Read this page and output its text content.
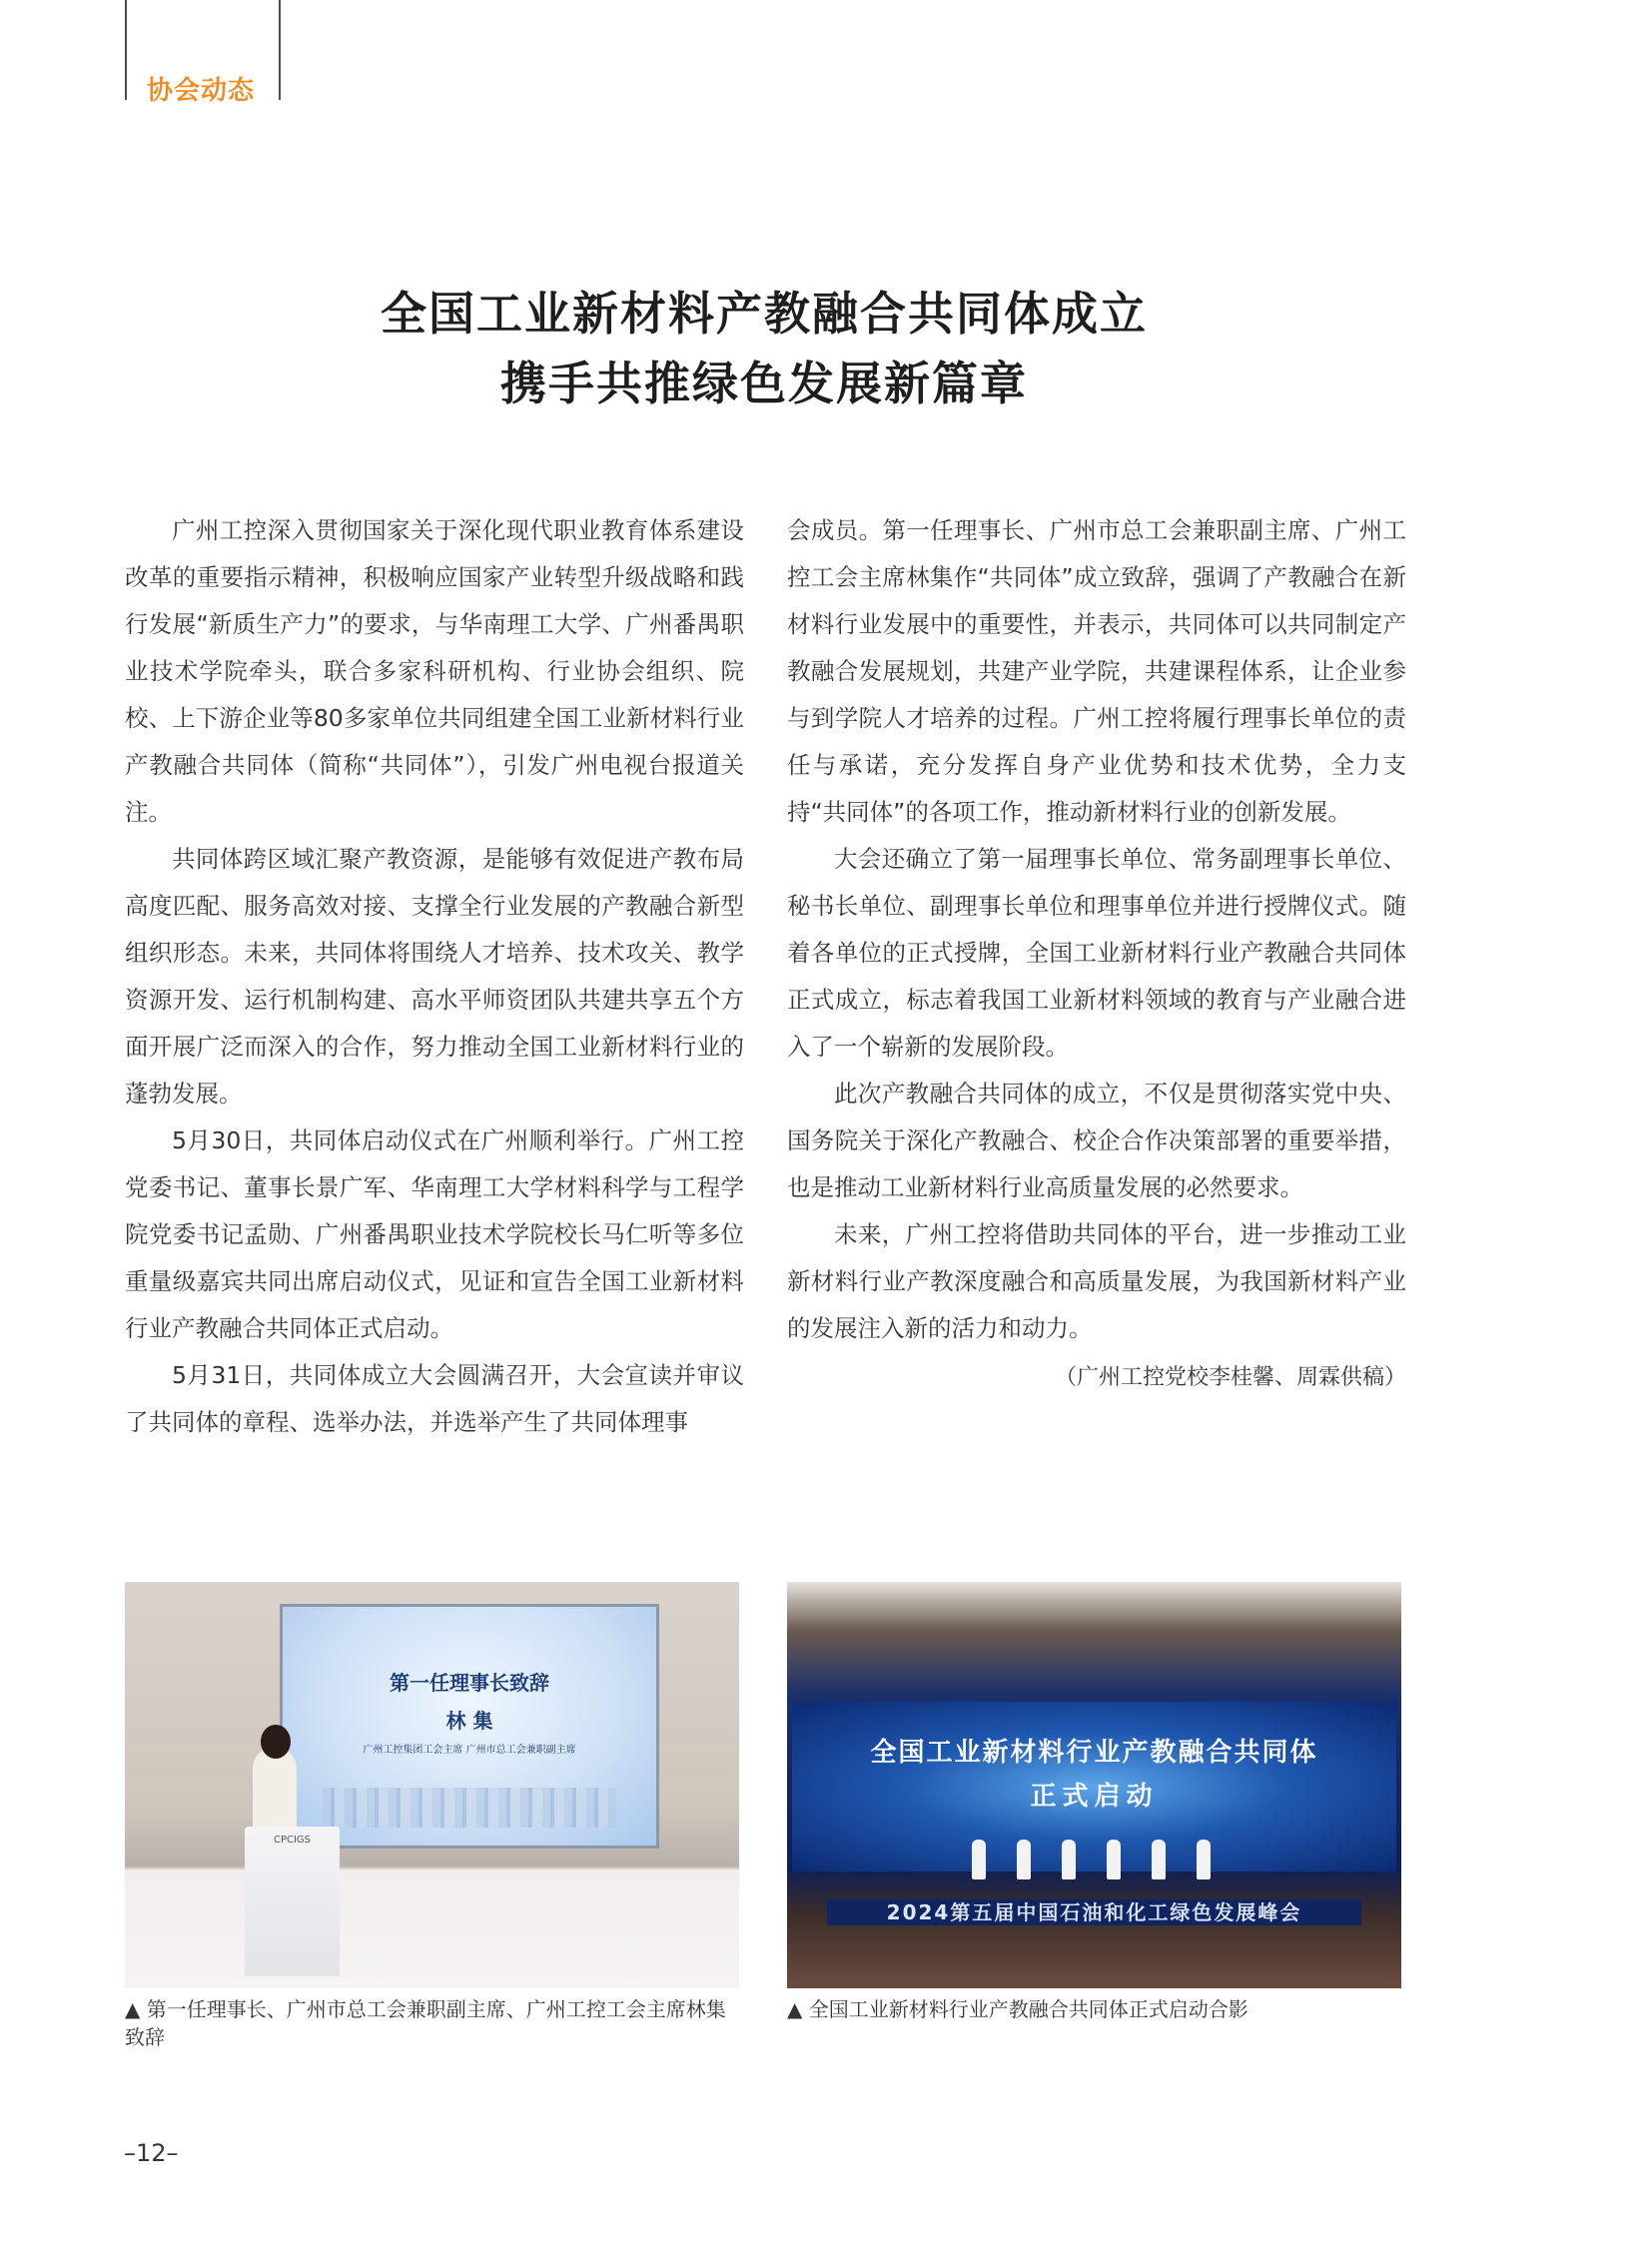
协会动态
全国工业新材料产教融合共同体成立
携手共推绿色发展新篇章

广州工控深入贯彻国家关于深化现代职业教育体系建设改革的重要指示精神，积极响应国家产业转型升级战略和践行发展“新质生产力”的要求，与华南理工大学、广州番禺职业技术学院牵头，联合多家科研机构、行业协会组织、院校、上下游企业等80多家单位共同组建全国工业新材料行业产教融合共同体（简称“共同体”），引发广州电视台报道关注。

共同体跨区域汇聚产教资源，是能够有效促进产教布局高度匹配、服务高效对接、支撑全行业发展的产教融合新型组织形态。未来，共同体将围绕人才培养、技术攻关、教学资源开发、运行机制构建、高水平师资团队共建共享五个方面开展广泛而深入的合作，努力推动全国工业新材料行业的蓬勃发展。

5月30日，共同体启动仪式在广州顺利举行。广州工控党委书记、董事长景广军、华南理工大学材料科学与工程学院党委书记孟勋、广州番禺职业技术学院校长马仁听等多位重量级嘉宾共同出席启动仪式，见证和宣告全国工业新材料行业产教融合共同体正式启动。

5月31日，共同体成立大会圆满召开，大会宣读并审议了共同体的章程、选举办法，并选举产生了共同体理事

会成员。第一任理事长、广州市总工会兼职副主席、广州工控工会主席林集作“共同体”成立致辞，强调了产教融合在新材料行业发展中的重要性，并表示，共同体可以共同制定产教融合发展规划，共建产业学院，共建课程体系，让企业参与到学院人才培养的过程。广州工控将履行理事长单位的责任与承诺，充分发挥自身产业优势和技术优势，全力支持“共同体”的各项工作，推动新材料行业的创新发展。

大会还确立了第一届理事长单位、常务副理事长单位、秘书长单位、副理事长单位和理事单位并进行授牌仪式。随着各单位的正式授牌，全国工业新材料行业产教融合共同体正式成立，标志着我国工业新材料领域的教育与产业融合进入了一个崭新的发展阶段。

此次产教融合共同体的成立，不仅是贯彻落实党中央、国务院关于深化产教融合、校企合作决策部署的重要举措，也是推动工业新材料行业高质量发展的必然要求。

未来，广州工控将借助共同体的平台，进一步推动工业新材料行业产教深度融合和高质量发展，为我国新材料产业的发展注入新的活力和动力。

（广州工控党校李桂馨、周霖供稿）

第一任理事长致辞
林 集
广州工控集团工会主席 广州市总工会兼职副主席
CPCIGS
全国工业新材料行业产教融合共同体
正式启动
2024第五届中国石油和化工绿色发展峰会
▲ 第一任理事长、广州市总工会兼职副主席、广州工控工会主席林集致辞
▲ 全国工业新材料行业产教融合共同体正式启动合影
–12–
